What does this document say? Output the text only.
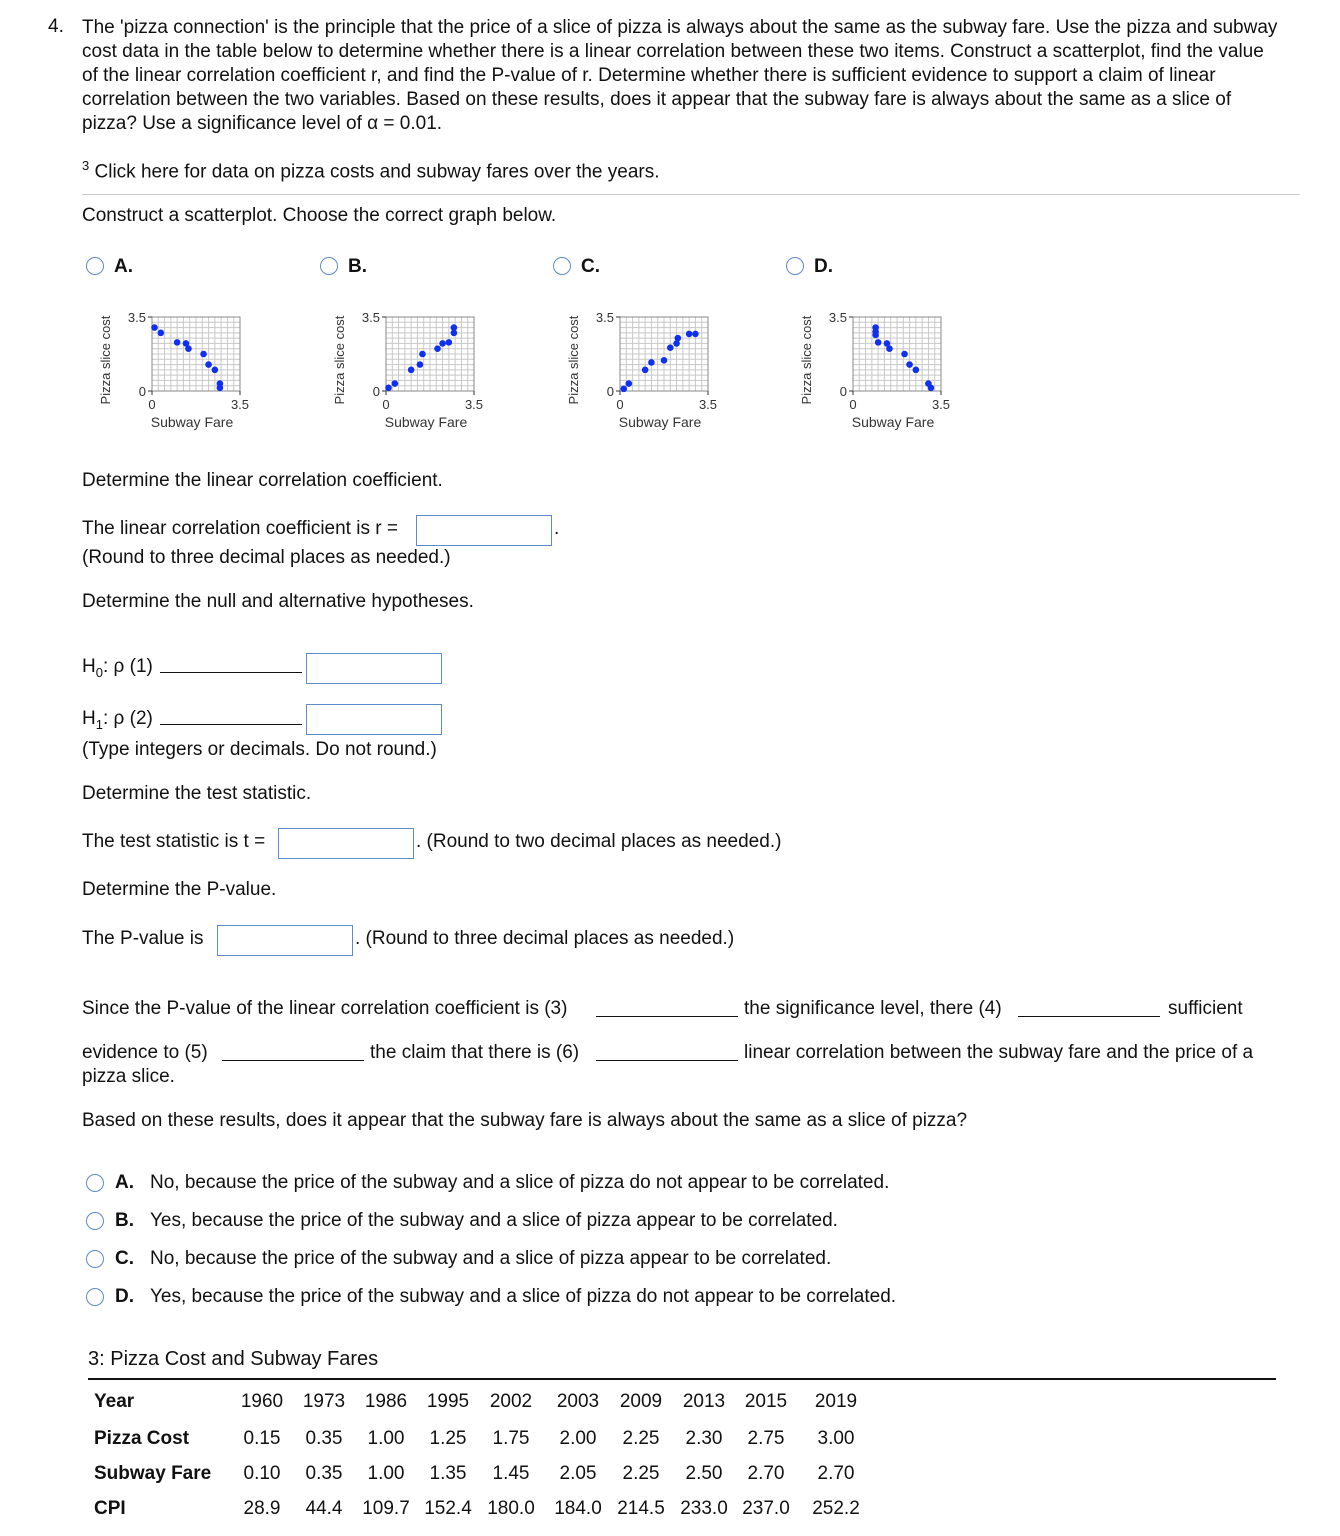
4. The 'pizza connection' is the principle that the price of a slice of pizza is always about the same as the subway fare. Use the pizza and subway cost data in the table below to determine whether there is a linear correlation between these two items. Construct a scatterplot, find the value of the linear correlation coefficient r, and find the P-value of r. Determine whether there is sufficient evidence to support a claim of linear correlation between the two variables. Based on these results, does it appear that the subway fare is always about the same as a slice of pizza? Use a significance level of α = 0.01.
$^3$ Click here for data on pizza costs and subway fares over the years.
Construct a scatterplot. Choose the correct graph below.
A.	B.	C.	D.
3.5
0
0	3.5
Subway Fare
Pizza slice cost	3.5
0
0	3.5
Subway Fare
Pizza slice cost	3.5
0
0	3.5
Subway Fare
Pizza slice cost	3.5
0
0	3.5
Subway Fare
Pizza slice cost
Determine the linear correlation coefficient.
The linear correlation coefficient is r =	.
(Round to three decimal places as needed.)
Determine the null and alternative hypotheses.
$H_0$: ρ (1)
$H_1$: ρ (2)
(Type integers or decimals. Do not round.)
Determine the test statistic.
The test statistic is t =	. (Round to two decimal places as needed.)
Determine the P-value.
The P-value is	. (Round to three decimal places as needed.)
Since the P-value of the linear correlation coefficient is (3)	the significance level, there (4)	sufficient
evidence to (5)	the claim that there is (6)	linear correlation between the subway fare and the price of a
pizza slice.
Based on these results, does it appear that the subway fare is always about the same as a slice of pizza?
A. No, because the price of the subway and a slice of pizza do not appear to be correlated.
B. Yes, because the price of the subway and a slice of pizza appear to be correlated.
C. No, because the price of the subway and a slice of pizza appear to be correlated.
D. Yes, because the price of the subway and a slice of pizza do not appear to be correlated.
3: Pizza Cost and Subway Fares
Year	1960	1973	1986	1995	2002	2003	2009	2013	2015	2019
Pizza Cost	0.15	0.35	1.00	1.25	1.75	2.00	2.25	2.30	2.75	3.00
Subway Fare	0.10	0.35	1.00	1.35	1.45	2.05	2.25	2.50	2.70	2.70
CPI	28.9	44.4	109.7 152.4 180.0	184.0 214.5 233.0 237.0	252.2
